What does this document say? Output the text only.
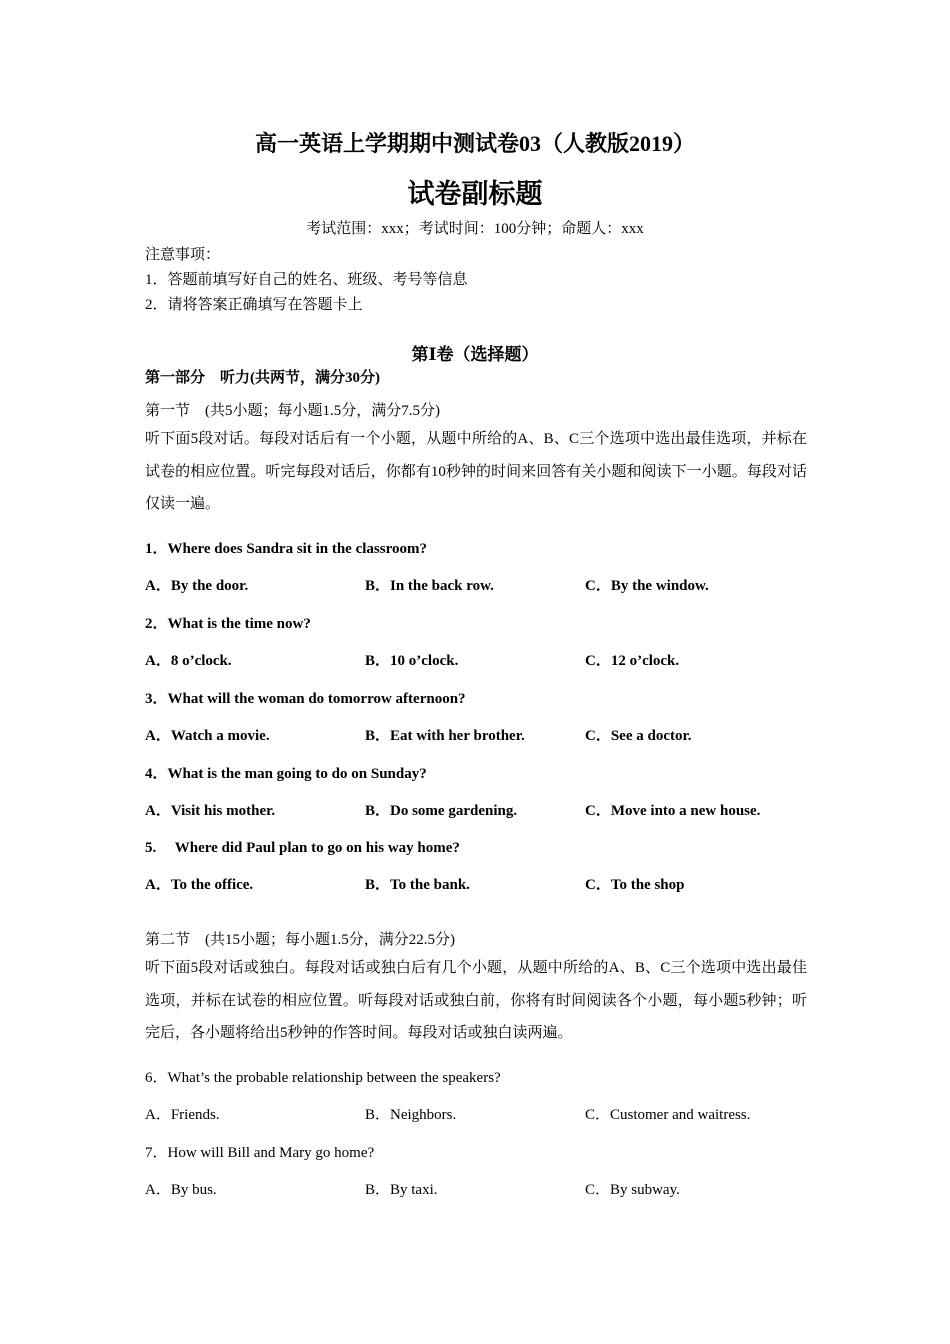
高一英语上学期期中测试卷03（人教版2019）
试卷副标题
考试范围：xxx；考试时间：100分钟；命题人：xxx
注意事项：
1．答题前填写好自己的姓名、班级、考号等信息
2．请将答案正确填写在答题卡上
第Ⅰ卷（选择题）
第一部分　听力(共两节，满分30分)
第一节　(共5小题；每小题1.5分，满分7.5分)
听下面5段对话。每段对话后有一个小题，从题中所给的A、B、C三个选项中选出最佳选项，并标在试卷的相应位置。听完每段对话后，你都有10秒钟的时间来回答有关小题和阅读下一小题。每段对话仅读一遍。
1．Where does Sandra sit in the classroom?
A．By the door.	B．In the back row.	C．By the window.
2．What is the time now?
A．8 o’clock.	B．10 o’clock.	C．12 o’clock.
3．What will the woman do tomorrow afternoon?
A．Watch a movie.	B．Eat with her brother.	C．See a doctor.
4．What is the man going to do on Sunday?
A．Visit his mother.	B．Do some gardening.	C．Move into a new house.
5.　 Where did Paul plan to go on his way home?
A．To the office.	B．To the bank.	C．To the shop
第二节　(共15小题；每小题1.5分，满分22.5分)
听下面5段对话或独白。每段对话或独白后有几个小题，从题中所给的A、B、C三个选项中选出最佳选项，并标在试卷的相应位置。听每段对话或独白前，你将有时间阅读各个小题，每小题5秒钟；听完后，各小题将给出5秒钟的作答时间。每段对话或独白读两遍。
6．What’s the probable relationship between the speakers?
A．Friends.	B．Neighbors.	C．Customer and waitress.
7．How will Bill and Mary go home?
A．By bus.	B．By taxi.	C．By subway.
